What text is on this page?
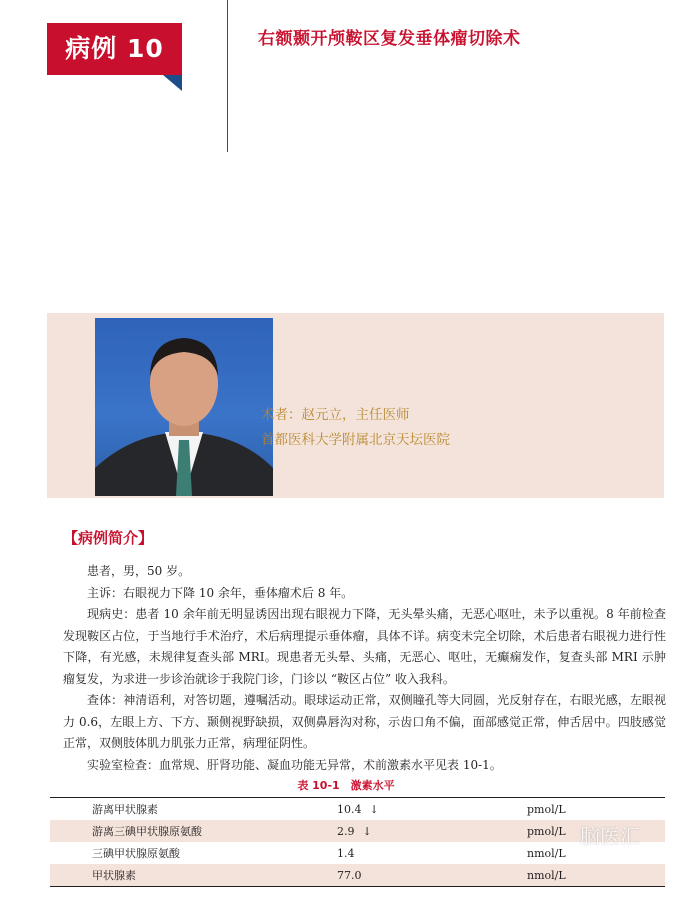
病例 10	右额颞开颅鞍区复发垂体瘤切除术
术者：赵元立，主任医师
首都医科大学附属北京天坛医院
【病例简介】

患者，男，50 岁。

主诉：右眼视力下降 10 余年，垂体瘤术后 8 年。

现病史：患者 10 余年前无明显诱因出现右眼视力下降，无头晕头痛，无恶心呕吐，未予以重视。8 年前检查发现鞍区占位，于当地行手术治疗，术后病理提示垂体瘤，具体不详。病变未完全切除，术后患者右眼视力进行性下降，有光感，未规律复查头部 MRI。现患者无头晕、头痛，无恶心、呕吐，无癫痫发作，复查头部 MRI 示肿瘤复发，为求进一步诊治就诊于我院门诊，门诊以 “鞍区占位” 收入我科。

查体：神清语利，对答切题，遵嘱活动。眼球运动正常，双侧瞳孔等大同圆，光反射存在，右眼光感，左眼视力 0.6，左眼上方、下方、颞侧视野缺损，双侧鼻唇沟对称，示齿口角不偏，面部感觉正常，伸舌居中。四肢感觉正常，双侧肢体肌力肌张力正常，病理征阴性。

实验室检查：血常规、肝肾功能、凝血功能无异常，术前激素水平见表 10-1。

表 10-1　激素水平
游离甲状腺素	10.4 ↓	pmol/L
游离三碘甲状腺原氨酸	2.9 ↓	pmol/L
三碘甲状腺原氨酸	1.4	nmol/L
甲状腺素	77.0	nmol/L
脑医汇
